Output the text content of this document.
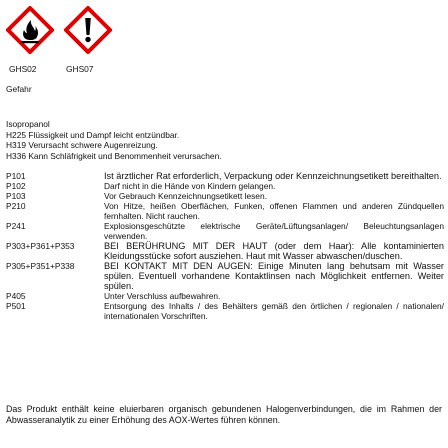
GHS02	GHS07
Gefahr
Isopropanol
H225 Flüssigkeit und Dampf leicht entzündbar.
H319 Verursacht schwere Augenreizung.
H336 Kann Schläfrigkeit und Benommenheit verursachen.
P101	Ist ärztlicher Rat erforderlich, Verpackung oder Kennzeichnungsetikett bereithalten.
P102	Darf nicht in die Hände von Kindern gelangen.
P103	Vor Gebrauch Kennzeichnungsetikett lesen.
P210	Von Hitze, heißen Oberflächen, Funken, offenen Flammen und anderen Zündquellen fernhalten. Nicht rauchen.
P241	Explosionsgeschützte elektrische Geräte/Lüftungsanlagen/ Beleuchtungsanlagen verwenden.
P303+P361+P353	BEI BERÜHRUNG MIT DER HAUT (oder dem Haar): Alle kontaminierten Kleidungsstücke sofort ausziehen. Haut mit Wasser abwaschen/duschen.
P305+P351+P338	BEI KONTAKT MIT DEN AUGEN: Einige Minuten lang behutsam mit Wasser spülen. Eventuell vorhandene Kontaktlinsen nach Möglichkeit entfernen. Weiter spülen.
P405	Unter Verschluss aufbewahren.
P501	Entsorgung des Inhalts / des Behälters gemäß den örtlichen / regionalen / nationalen/ internationalen Vorschriften.
Das Produkt enthält keine eluierbaren organisch gebundenen Halogenverbindungen, die im Rahmen der Abwasseranalytik zu einer Erhöhung des AOX-Wertes führen können.
